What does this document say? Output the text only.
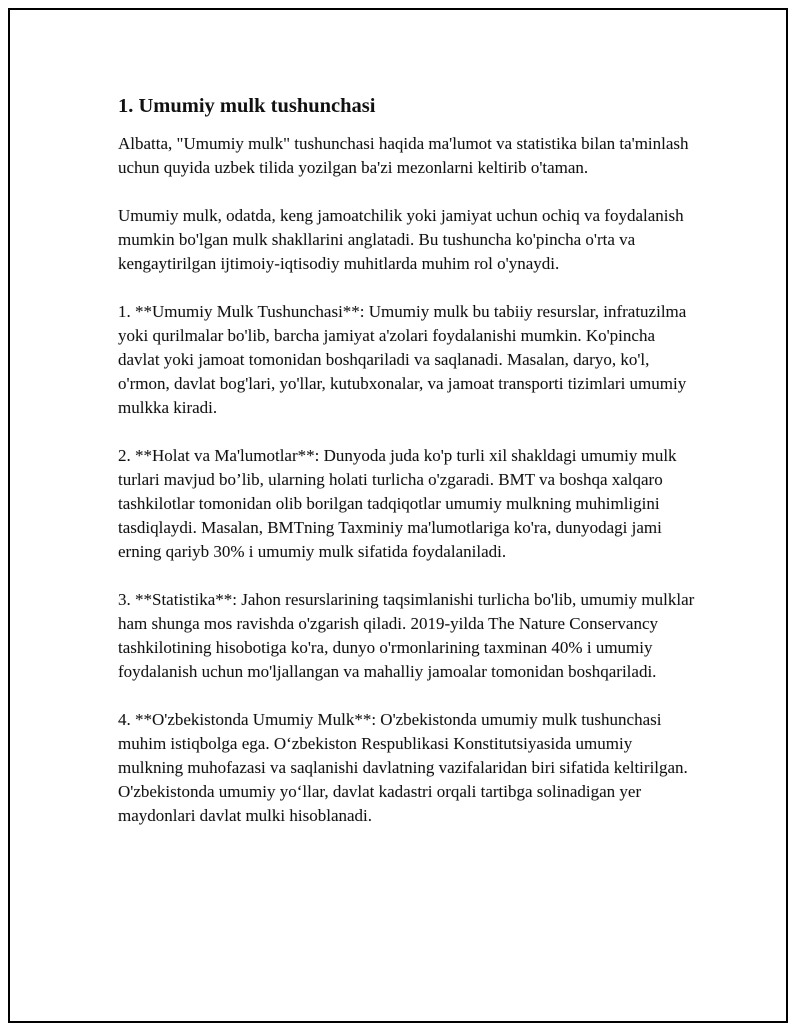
1. Umumiy mulk tushunchasi

Albatta, "Umumiy mulk" tushunchasi haqida ma'lumot va statistika bilan ta'minlash uchun quyida uzbek tilida yozilgan ba'zi mezonlarni keltirib o'taman.

Umumiy mulk, odatda, keng jamoatchilik yoki jamiyat uchun ochiq va foydalanish mumkin bo'lgan mulk shakllarini anglatadi. Bu tushuncha ko'pincha o'rta va kengaytirilgan ijtimoiy-iqtisodiy muhitlarda muhim rol o'ynaydi.

1. **Umumiy Mulk Tushunchasi**: Umumiy mulk bu tabiiy resurslar, infratuzilma yoki qurilmalar bo'lib, barcha jamiyat a'zolari foydalanishi mumkin. Ko'pincha davlat yoki jamoat tomonidan boshqariladi va saqlanadi. Masalan, daryo, ko'l, o'rmon, davlat bog'lari, yo'llar, kutubxonalar, va jamoat transporti tizimlari umumiy mulkka kiradi.

2. **Holat va Ma'lumotlar**: Dunyoda juda ko'p turli xil shakldagi umumiy mulk turlari mavjud bo’lib, ularning holati turlicha o'zgaradi. BMT va boshqa xalqaro tashkilotlar tomonidan olib borilgan tadqiqotlar umumiy mulkning muhimligini tasdiqlaydi. Masalan, BMTning Taxminiy ma'lumotlariga ko'ra, dunyodagi jami erning qariyb 30% i umumiy mulk sifatida foydalaniladi.

3. **Statistika**: Jahon resurslarining taqsimlanishi turlicha bo'lib, umumiy mulklar ham shunga mos ravishda o'zgarish qiladi. 2019-yilda The Nature Conservancy tashkilotining hisobotiga ko'ra, dunyo o'rmonlarining taxminan 40% i umumiy foydalanish uchun mo'ljallangan va mahalliy jamoalar tomonidan boshqariladi.

4. **O'zbekistonda Umumiy Mulk**: O'zbekistonda umumiy mulk tushunchasi muhim istiqbolga ega. O‘zbekiston Respublikasi Konstitutsiyasida umumiy mulkning muhofazasi va saqlanishi davlatning vazifalaridan biri sifatida keltirilgan. O'zbekistonda umumiy yo‘llar, davlat kadastri orqali tartibga solinadigan yer maydonlari davlat mulki hisoblanadi.
